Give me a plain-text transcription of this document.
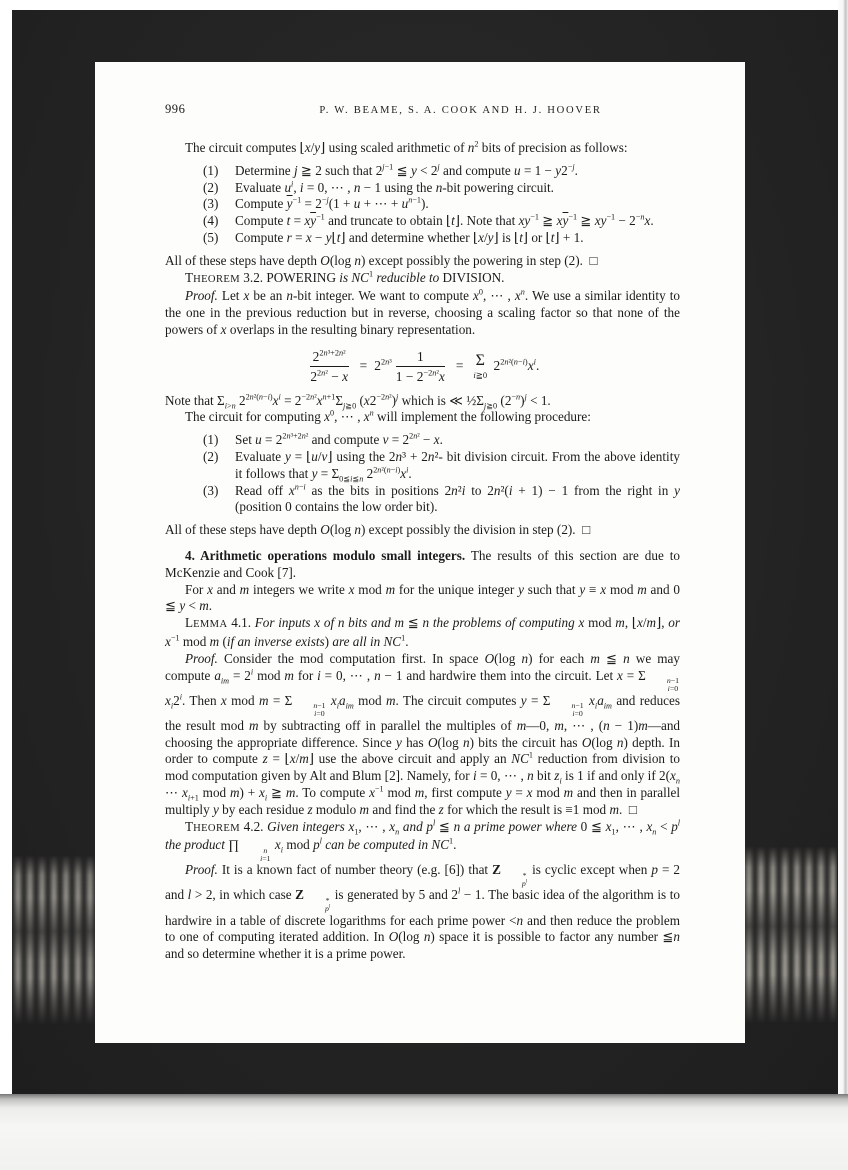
996	P. W. BEAME, S. A. COOK AND H. J. HOOVER

The circuit computes ⌊x/y⌋ using scaled arithmetic of $n^2$ bits of precision as follows:

(1) Determine j ≧ 2 such that $2^{j-1}$ ≦ $y < 2^j$ and compute $u = 1 - y2^{-j}$.
(2) Evaluate $u^i$, i = 0, ⋯ , n − 1 using the n-bit powering circuit.
(3) Compute $\overline{y}^{-1} = 2^{-j}(1 + u$ + ⋯ + $u^{n-1}$).
(4) Compute $t = x\overline{y}^{-1}$ and truncate to obtain ⌊t⌋. Note that $xy^{-1}$ ≧ $x\overline{y}^{-1}$ ≧ $xy^{-1} - 2^{-n}x$.
(5) Compute r = x − y⌊t⌋ and determine whether ⌊x/y⌋ is ⌊t⌋ or ⌊t⌋ + 1.

All of these steps have depth O(log n) except possibly the powering in step (2).  □

THEOREM 3.2. POWERING is $NC^1$ reducible to DIVISION.

Proof. Let x be an n-bit integer. We want to compute $x^0$, ⋯ , $x^n$. We use a similar identity to the one in the previous reduction but in reverse, choosing a scaling factor so that none of the powers of x overlaps in the resulting binary representation.

$\frac{2^{2n^3+2n^2}}{2^{2n^2} - x} = 2^{2n^3} \frac{1}{1 - 2^{-2n^2}x} = \Sigma$
i≧0
$2^{2n^2(n-i)}x^i$.

Note that $\Sigma_{i>n}$ $2^{2n^2(n-i)}x^i = 2^{-2n^2}x^{n+1}\Sigma_{j≧0}$ $(x2^{-2n^2})^j$ which is ≪ $\frac{1}{2}\Sigma_{j≧0}$ $(2^{-n})^j < 1$.

The circuit for computing $x^0$, ⋯ , $x^n$ will implement the following procedure:

(1) Set $u = 2^{2n^3+2n^2}$ and compute $\nu = 2^{2n^2} - x$.
(2) Evaluate y = ⌊u/ν⌋ using the 2n³ + 2n²- bit division circuit. From the above identity it follows that $y = \Sigma_{0≦i≦n}$ $2^{2n^2(n-i)}x^i$.
(3) Read off $x^{n-i}$ as the bits in positions 2n²i to 2n²(i + 1) − 1 from the right in y (position 0 contains the low order bit).

All of these steps have depth O(log n) except possibly the division in step (2).  □

4. Arithmetic operations modulo small integers. The results of this section are due to McKenzie and Cook [7].

For x and m integers we write x mod m for the unique integer y such that y ≡ x mod m and 0 ≦ y < m.

LEMMA 4.1. For inputs x of n bits and m ≦ n the problems of computing x mod m, ⌊x/m⌋, or $x^{-1}$ mod m (if an inverse exists) are all in $NC^1$.

Proof. Consider the mod computation first. In space O(log n) for each m ≦ n we may compute $a_{im} = 2^i$ mod m for i = 0, ⋯ , n − 1 and hardwire them into the circuit. Let x = Σ	n−1
i=0
$x_i2^i$. Then x mod m = Σ	n−1
i=0
$x_ia_{im}$ mod m. The circuit computes y = Σ	n−1
i=0
$x_ia_{im}$ and reduces the result mod m by subtracting off in parallel the multiples of m—0, m, ⋯ , (n − 1)m—and choosing the appropriate difference. Since y has O(log n) bits the circuit has O(log n) depth. In order to compute z = ⌊x/m⌋ use the above circuit and apply an $NC^1$ reduction from division to mod computation given by Alt and Blum [2]. Namely, for i = 0, ⋯ , n bit $z_i$ is 1 if and only if $2(x_n$ ⋯ $x_{i+1}$ mod $m) + x_i$ ≧ m. To compute $x^{-1}$ mod m, first compute y = x mod m and then in parallel multiply y by each residue z modulo m and find the z for which the result is ≡1 mod m.  □

THEOREM 4.2. Given integers $x_1$, ⋯ , $x_n$ and $p^l$ ≦ n a prime power where 0 ≦ $x_1$, ⋯ , $x_n < p^l$ the product ∏	n
i=1
$x_i$ mod $p^l$ can be computed in $NC^1$.

Proof. It is a known fact of number theory (e.g. [6]) that Z	*
$p^l$
is cyclic except when p = 2 and l > 2, in which case Z	*
$p^l$
is generated by 5 and $2^l - 1$. The basic idea of the algorithm is to hardwire in a table of discrete logarithms for each prime power <n and then reduce the problem to one of computing iterated addition. In O(log n) space it is possible to factor any number ≦n and so determine whether it is a prime power.
